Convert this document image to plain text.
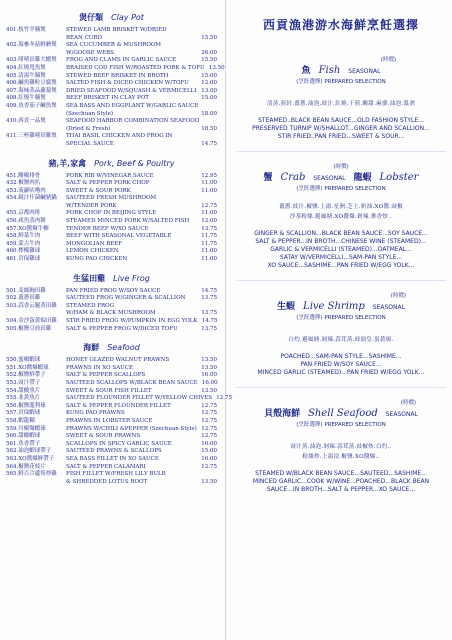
煲仔類 Clay Pot
401.枝竹羊腩煲	STEWED LAMB BRISKET W/DRIED
BEAN CURD	15.50
402.海參冬菇鮮蘑煲	SEA CUCUMBER & MUSHROOM
W/GOOSE WEBS	26.00
403.啫啫田雞大蝦煲	FROG AND CLAMS IN GARLIC SAUCE	15.50
404.紅燒甩魚煲	BRAISED COD FISH W/ROASTED PORK & TOFU 13.50
405.清湯牛腩煲	STEWED BEEF BRISKET IN BROTH	15.00
406.鹹魚雞粒豆腐煲	SALTED FISH & DICED CHICKEN W/TOFU	12.00
407.海味蒸品蘿蔔煲	DRIED SEAFOOD W/SQUASH & VERMICELLI 13.00
408.紅燒牛腩煲	BEEF BRISKET IN CLAY POT	15.00
409.魚香茄子鹹魚煲	SEA BASS AND EGGPLANT W/GARLIC SAUCE
(Szechuan Style)	18.00
410.西貢一品煲	SEAFOOD HARBOR COMBINATION SEAFOOD
(Dried & Fresh)	18.50
411.三杯雞啫田雞煲	THAI BASIL CHICKEN AND FROG IN
SPECIAL SAUCE	14.75
豬,羊,家禽 Pork, Beef & Poultry
451.醋椒排骨	PORK RIB W/VINEGAR SAUCE	12.95
432.椒鹽肉扒	SALT & PEPPER PORK CHOP	11.00
453.菠蘿咕嚕肉	SWEET & SOUR PORK	11.00
454.鏡汁什菌鹹豬鍋	SAUTEED FRESH MUSHROOM
W/TENDER PORK	12.75
455.京都肉排	PORK CHOP IN BEIJING STYLE	11.00
456.咸魚蒸肉餅	STEAMED MINCED PORK W/SALTED FISH	12.00
457.XO醬爆牛柳	TENDER BEEF W/XO SAUCE	13.75
458.鮮菜牛肉	BEEF WITH SEASONAL VEGETABLE	11.75
459.蒙古牛肉	MONGOLIAN BEEF	11.75
460.檸檬雞球	LEMON CHICKEN	11.00
461.宮保雞球	KUNG PAO CHICKEN	11.00
生猛田雞 Live Frog
501.麦絲胸田雞	PAN FRIED FROG W/SOY SAUCE	14.75
502.薑蔥田雞	SAUTEED FROG W/GINGER & SCALLION	13.75
503.蒜香云腿蒸田雞	STEAMED FROG
W/HAM & BLACK MUSHROOM	13.75
504.金沙蛋黃焗田雞	STIR FRIED FROG W/PUMPKIN IN EGG YOLK 14.75
505.椒鹽豆豉田雞	SALT & PEPPER FROG W/DICED TOFU	13.75
海鮮 Seafood
550.蜜椒蝦球	HONEY GLAZED WALNUT PRAWNS	13.50
551.XO醬爆蝦球	PRAWNS IN XO SAUCE	13.50
552.椒鹽鮮帶子	SALT & PEPPER SCALLOPS	16.00
553.豉汁帶子	SAUTEED SCALLOPS W/BLACK BEAN SAUCE 16.00
554.甜酸魚片	SWEET & SOUR FISH FILLET	13.50
555.韭黃魚片	SAUTEED FLOUNDER FILLET W/YELLOW CHIVES 12.75
556.椒鹽龍利球	SALT & PEPPER FLOUNDER FILLET	12.75
557.宮保蝦球	KUNG PAO PRAWNS	12.75
558.蝦龍糊	PRAWNS IN LOBSTER SAUCE	12.75
559.川椒爆蝦球	PRAWNS W/CHILI &PEPPER (Szechuan Style) 12.75
560.甜酸蝦球	SWEET & SOUR PRAWNS	12.75
561.魚香帶子	SCALLOPS IN SPICY GARLIC SAUCE	16.00
562.油泡蝦球帶子	SAUTEED PRAWNS & SCALLOPS	15.00
563.XO醬爆鮮帶子	SEA BASS FILLET IN XO SAUCE	16.00
564.椒鹽花枝片	SALT & PEPPER CALAMARI	12.75
565.鮮百合蘆筍炒雞	FISH FILLET W/FRESH LILY BULB
& SHREDDED LOTUS ROOT	13.50
西貢漁港游水海鮮烹飪選擇
(時價)
魚 Fish SEASONAL
(烹飪選擇) PREPARED SELECTION
清蒸.煎封.薑蔥.油泡.豉汁.紅燒.干煎.酸甜.麻婆.油泡.溫酒
STEAMED..BLACK BEAN SAUCE...OLD FASHION STYLE...
PRESERVED TURNIP W/SHALLOT...GINGER AND SCALLION...
STIR FRIED..PAN FRIED...SWEET & SOUR...
(時價)
蟹 Crab SEASONAL 龍蝦 Lobster
(烹飪選擇) PREPARED SELECTION
薑蔥.豉汁.椒鹽.上湯.星洲.芝士.奶油.XO醬.豉椒
沙茶粉絲.避風塘.XO醬爆.剁辣.麥香炒..
GINGER & SCALLION...BLACK BEAN SAUCE...SOY SAUCE...
SALT & PEPPER...IN BROTH...CHINESE WINE (STEAMED)...
GARLIC & VERMICELLI (STEAMED)...OATMEAL...
SATAY W/VERMICELLI...SAM-PAN STYLE...
XO SAUCE...SASHIME...PAN FRIED W/EGG YOLK...
(時價)
生蝦 Live Shrimp SEASONAL
(烹飪選擇) PREPARED SELECTION
白灼.避風塘.剁辣.蒜茸蒸.豉油皇.蛋黃焗.
POACHED...SAM-PAN STYLE...SASHIME...
PAN FRIED W/SOY SAUCE...
MINCED GARLIC (STEAMED)...PAN FRIED W/EGG YOLK...
(時價)
貝殼海鮮 Shell Seafood SEASONAL
(烹飪選擇) PREPARED SELECTION
豉汁蒸.油泡.剁辣.蒜茸蒸.豉椒炒.白灼..
粉絲炒.上湯浸.椒鹽.XO醬爆..
STEAMED W/BLACK BEAN SAUCE...SAUTEED...SASHIME...
MINCED GARLIC...COOK W/WINE...POACHED...BLACK BEAN
SAUCE...IN BROTH...SALT & PEPPER...XO SAUCE...
